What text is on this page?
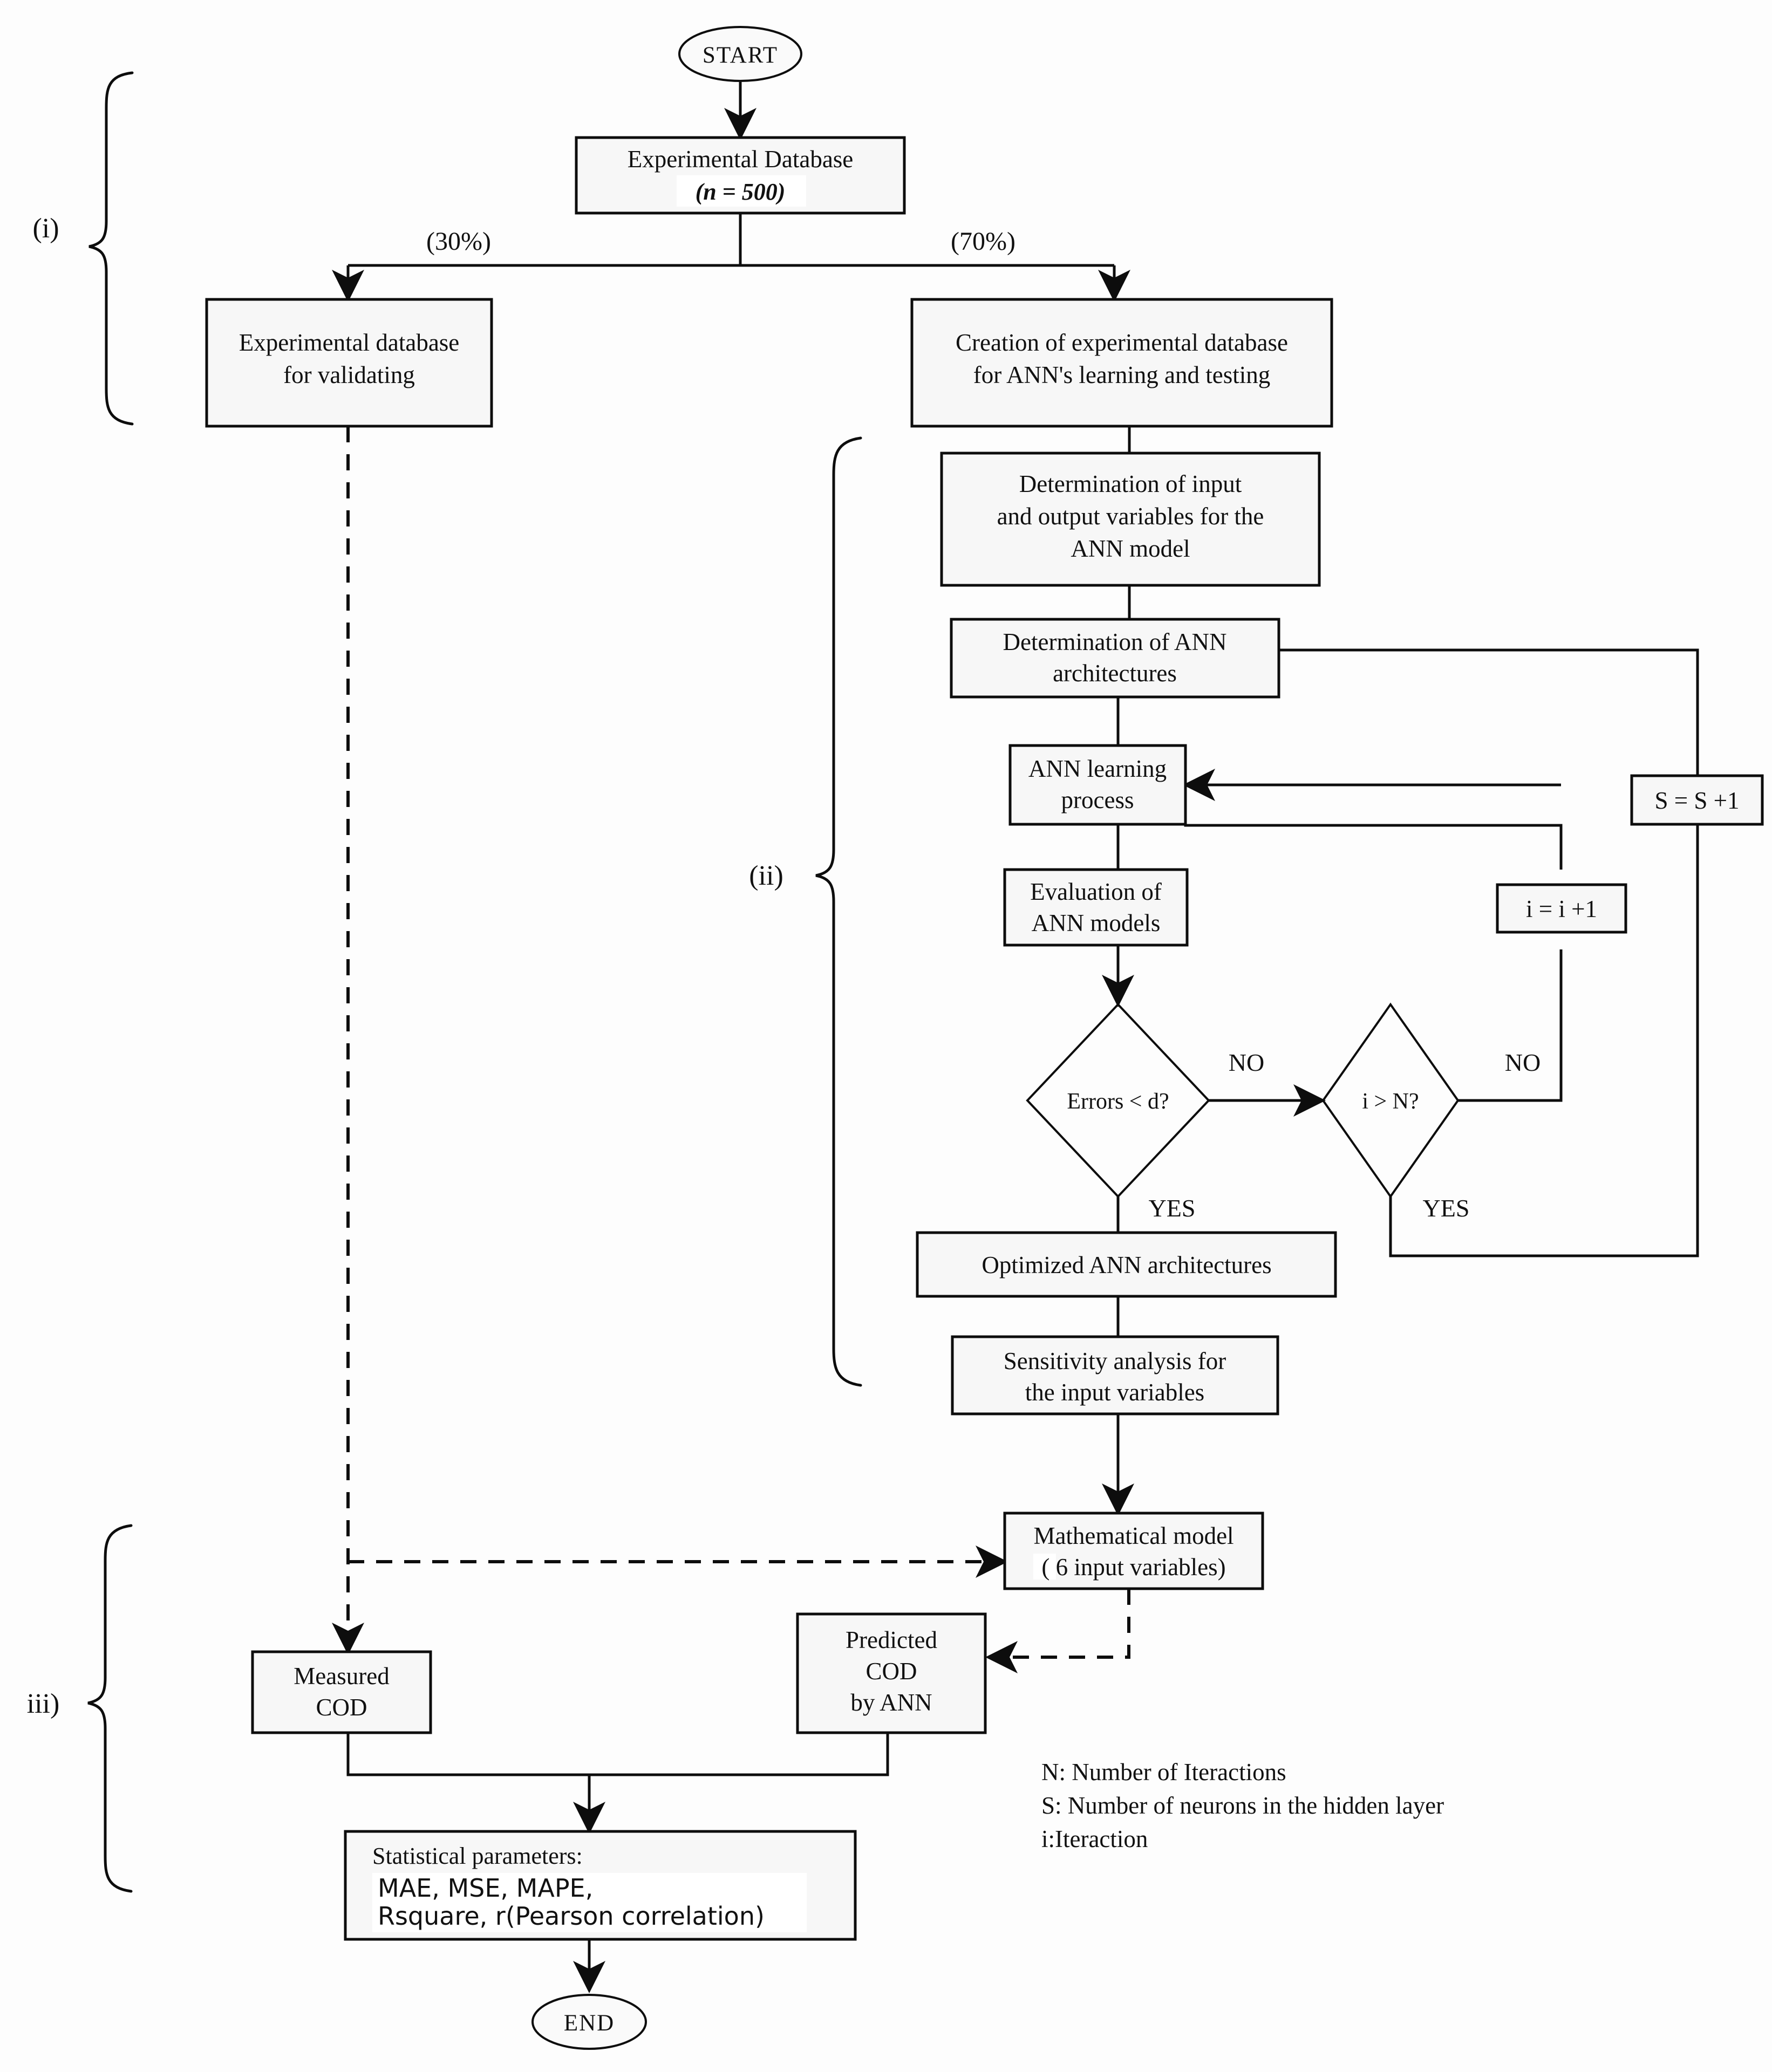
START
Experimental Database
(n = 500)
(30%)	(70%)
Experimental database
for validating
Creation of experimental database
for ANN's learning and testing
Determination of input
and output variables for the
ANN model
Determination of ANN
architectures
ANN learning
process
Evaluation of
ANN models
Errors < d?	i > N?
NO	NO
YES	YES
S = S +1
i = i +1
Optimized ANN architectures
Sensitivity analysis for
the input variables
Mathematical model
( 6 input variables)
Measured
COD
Predicted
COD
by ANN
Statistical parameters:
MAE, MSE, MAPE,
Rsquare, r(Pearson correlation)
END
(i)
(ii)
iii)
N: Number of Iteractions
S: Number of neurons in the hidden layer
i:Iteraction
